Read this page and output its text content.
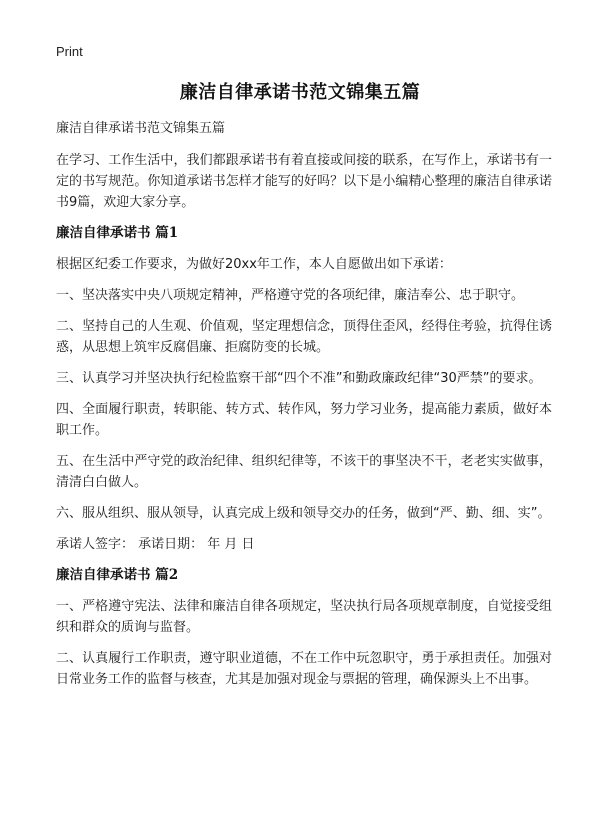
Print
廉洁自律承诺书范文锦集五篇

廉洁自律承诺书范文锦集五篇

在学习、工作生活中，我们都跟承诺书有着直接或间接的联系，在写作上，承诺书有一定的书写规范。你知道承诺书怎样才能写的好吗？以下是小编精心整理的廉洁自律承诺书9篇，欢迎大家分享。

廉洁自律承诺书 篇1

根据区纪委工作要求，为做好20xx年工作，本人自愿做出如下承诺：

一、坚决落实中央八项规定精神，严格遵守党的各项纪律，廉洁奉公、忠于职守。

二、坚持自己的人生观、价值观，坚定理想信念，顶得住歪风，经得住考验，抗得住诱惑，从思想上筑牢反腐倡廉、拒腐防变的长城。

三、认真学习并坚决执行纪检监察干部“四个不准”和勤政廉政纪律“30严禁”的要求。

四、全面履行职责，转职能、转方式、转作风，努力学习业务，提高能力素质，做好本职工作。

五、在生活中严守党的政治纪律、组织纪律等，不该干的事坚决不干，老老实实做事，清清白白做人。

六、服从组织、服从领导，认真完成上级和领导交办的任务，做到“严、勤、细、实”。

承诺人签字： 承诺日期： 年 月 日

廉洁自律承诺书 篇2

一、严格遵守宪法、法律和廉洁自律各项规定，坚决执行局各项规章制度，自觉接受组织和群众的质询与监督。

二、认真履行工作职责，遵守职业道德，不在工作中玩忽职守，勇于承担责任。加强对日常业务工作的监督与核查，尤其是加强对现金与票据的管理，确保源头上不出事。
